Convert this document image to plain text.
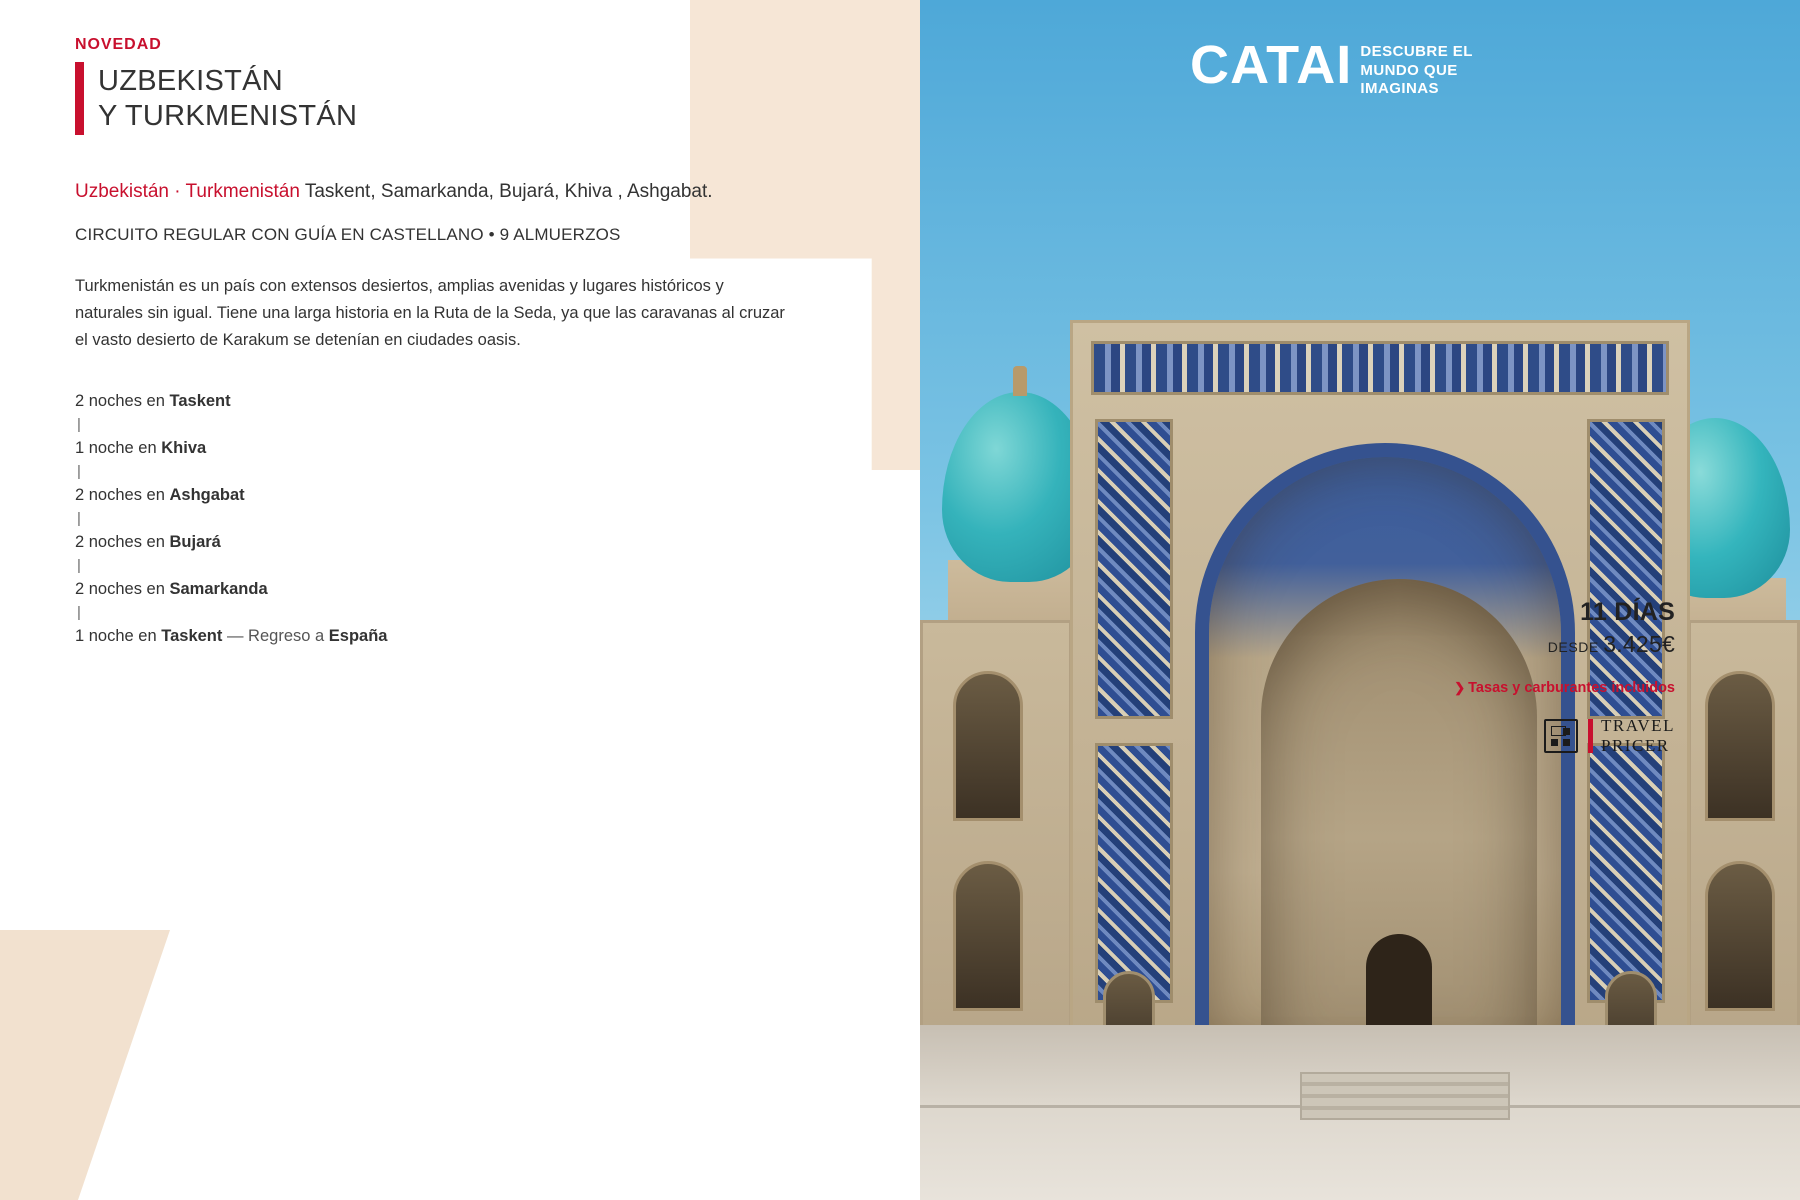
CATAI DESCUBRE EL
MUNDO QUE
IMAGINAS
NOVEDAD
UZBEKISTÁN
Y TURKMENISTÁN
Uzbekistán · Turkmenistán Taskent, Samarkanda, Bujará, Khiva , Ashgabat.
CIRCUITO REGULAR CON GUÍA EN CASTELLANO • 9 ALMUERZOS
Turkmenistán es un país con extensos desiertos, amplias avenidas y lugares históricos y naturales sin igual. Tiene una larga historia en la Ruta de la Seda, ya que las caravanas al cruzar el vasto desierto de Karakum se detenían en ciudades oasis.
2 noches en Taskent
|
1 noche en Khiva
|
2 noches en Ashgabat
|
2 noches en Bujará
|
2 noches en Samarkanda
|
1 noche en Taskent — Regreso a España
11 DÍAS
DESDE 3.425€
❯ Tasas y carburantes incluidos
TRAVEL
PRICER
